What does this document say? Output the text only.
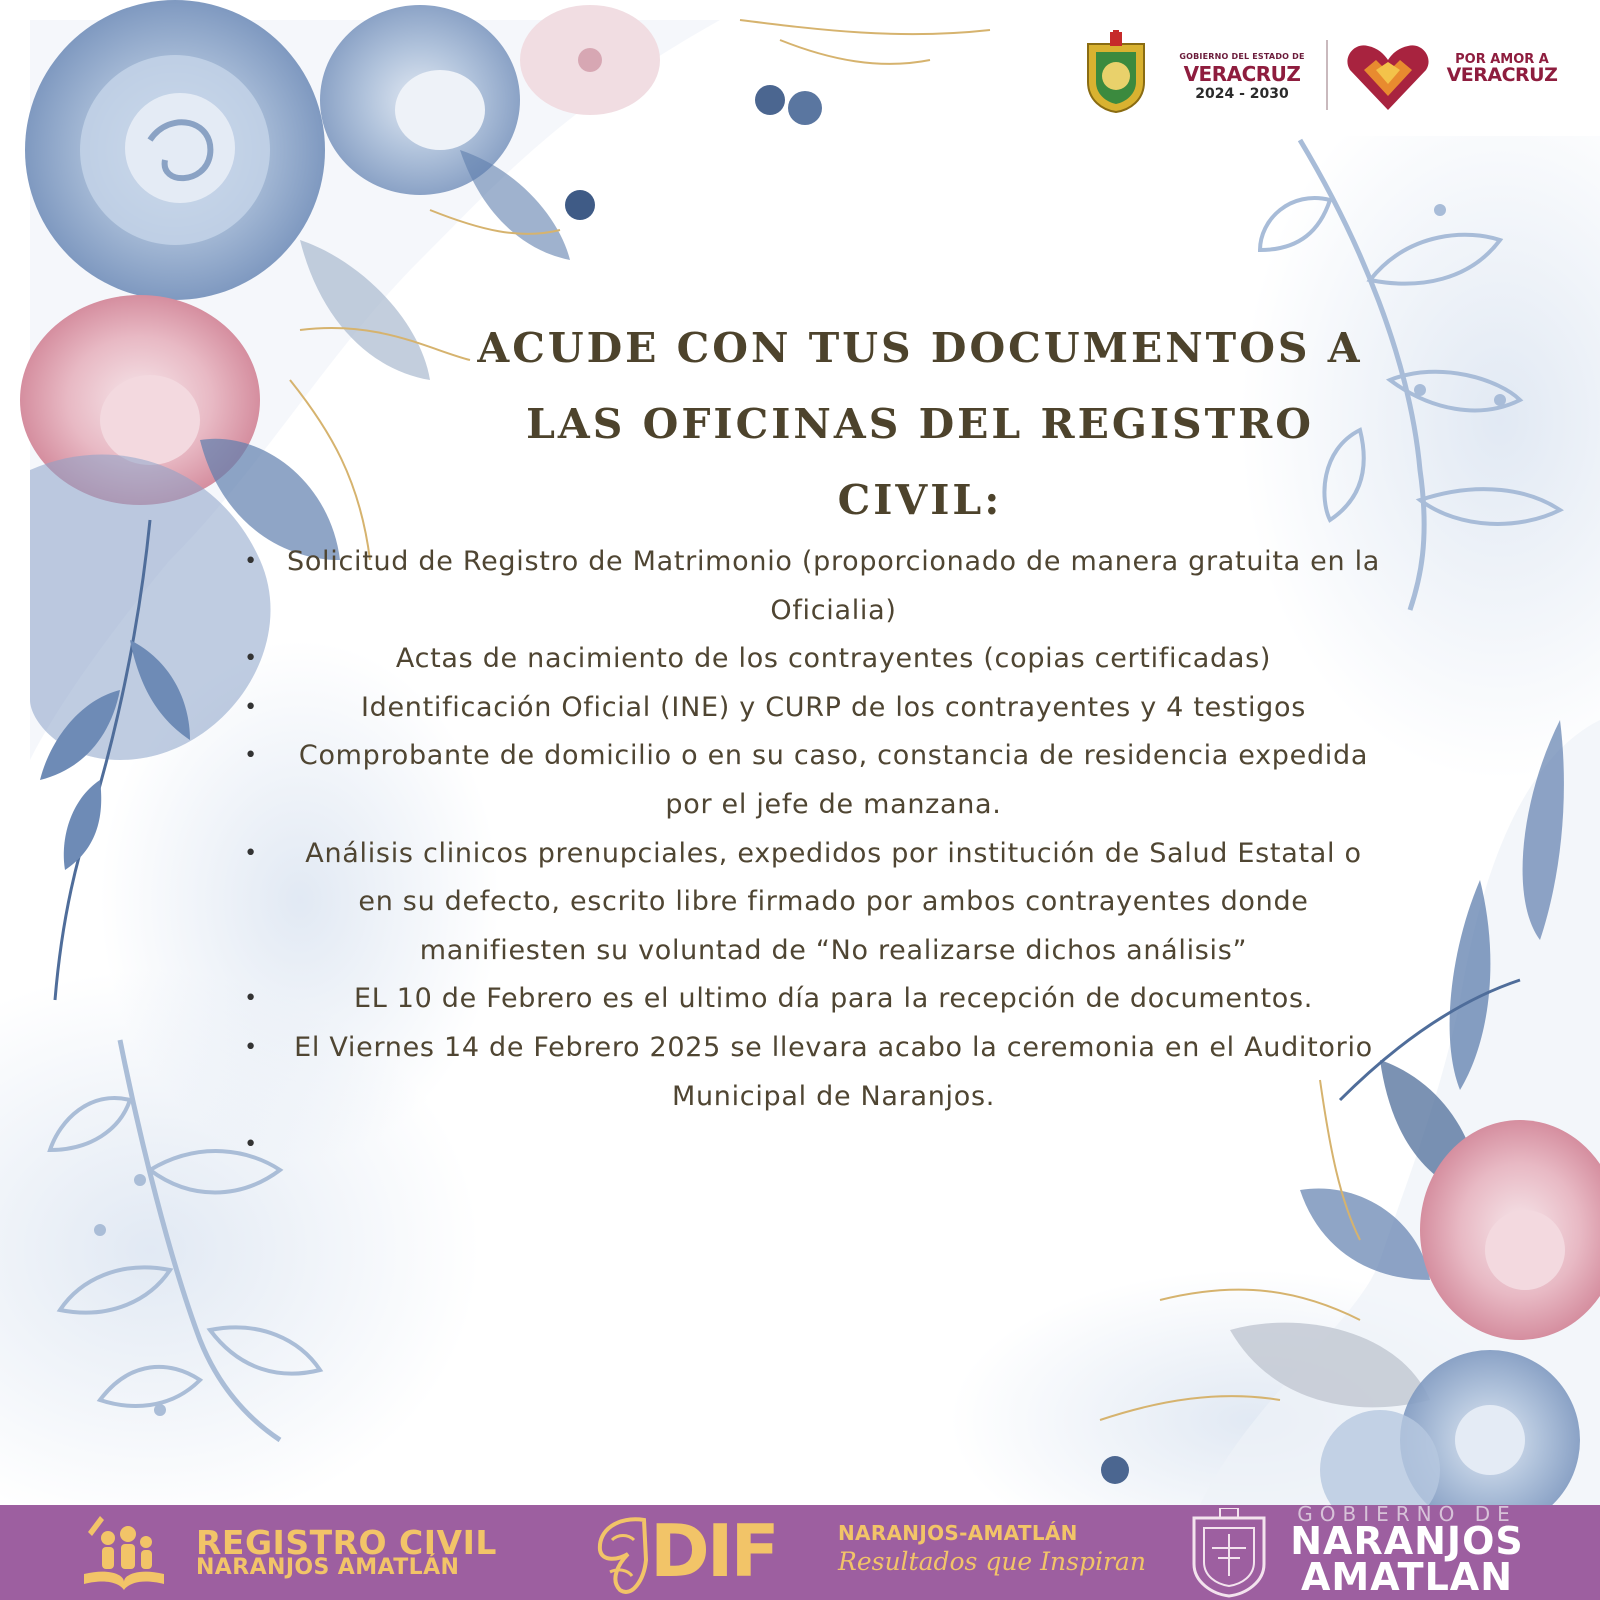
GOBIERNO DEL ESTADO DE
VERACRUZ
2024 - 2030
POR AMOR A
VERACRUZ
ACUDE CON TUS DOCUMENTOS A
LAS OFICINAS DEL REGISTRO CIVIL:
• Solicitud de Registro de Matrimonio (proporcionado de manera gratuita en la Oficialia)
•	Actas de nacimiento de los contrayentes (copias certificadas)
•	Identificación Oficial (INE) y CURP de los contrayentes y 4 testigos
• Comprobante de domicilio o en su caso, constancia de residencia expedida por el jefe de manzana.
• Análisis clinicos prenupciales, expedidos por institución de Salud Estatal o en su defecto, escrito libre firmado por ambos contrayentes donde manifiesten su voluntad de “No realizarse dichos análisis”
•	EL 10 de Febrero es el ultimo día para la recepción de documentos.
• El Viernes 14 de Febrero 2025 se llevara acabo la ceremonia en el Auditorio Municipal de Naranjos.
•
REGISTRO CIVIL
NARANJOS AMATLÁN	DIF	NARANJOS-AMATLÁN
Resultados que Inspiran
GOBIERNO DE
NARANJOS
AMATLAN
